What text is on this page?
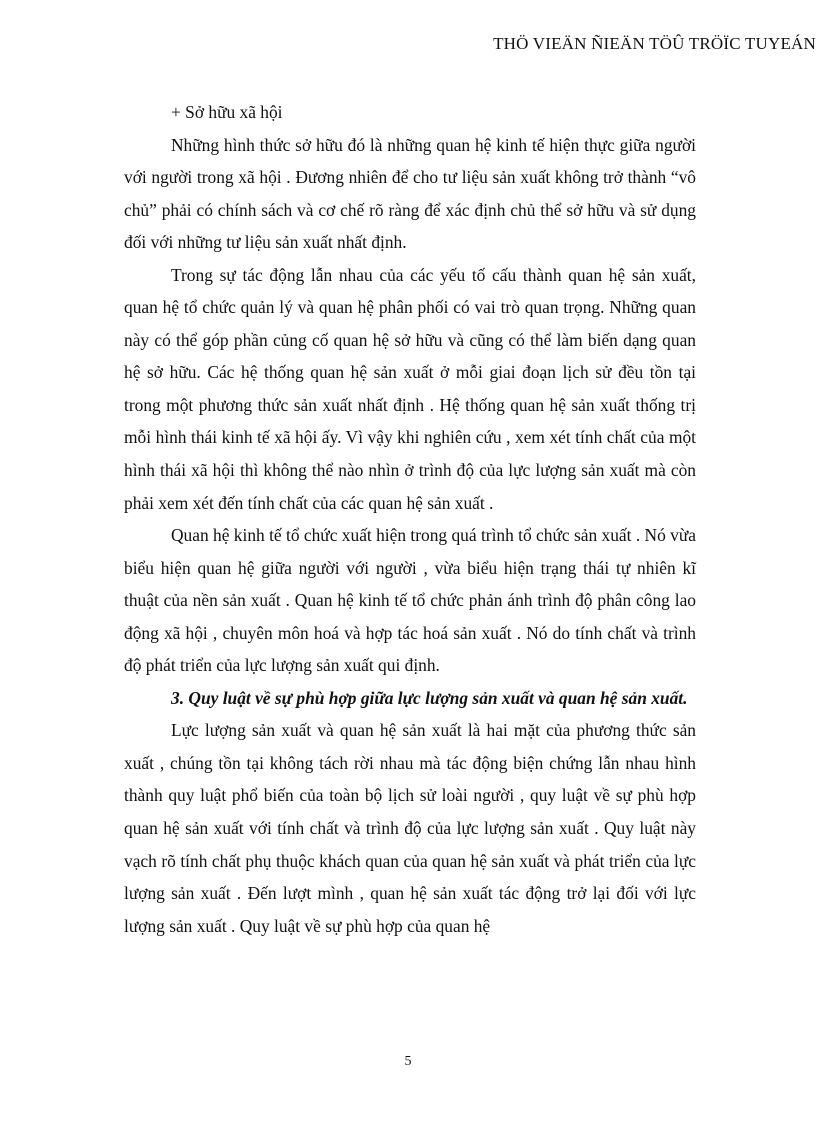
THÖ VIEÄN ÑIEÄN TÖÛ TRÖÏC TUYEÁN

+ Sở hữu xã hội

Những hình thức sở hữu đó là những quan hệ kinh tế hiện thực giữa người với người trong xã hội . Đương nhiên để cho tư liệu sản xuất không trở thành “vô chủ” phải có chính sách và cơ chế rõ ràng để xác định chủ thể sở hữu và sử dụng đối với những tư liệu sản xuất nhất định.

Trong sự tác động lẫn nhau của các yếu tố cấu thành quan hệ sản xuất, quan hệ tổ chức quản lý và quan hệ phân phối có vai trò quan trọng. Những quan này có thể góp phần củng cố quan hệ sở hữu và cũng có thể làm biến dạng quan hệ sở hữu. Các hệ thống quan hệ sản xuất ở mỗi giai đoạn lịch sử đều tồn tại trong một phương thức sản xuất nhất định . Hệ thống quan hệ sản xuất thống trị mỗi hình thái kinh tế xã hội ấy. Vì vậy khi nghiên cứu , xem xét tính chất của một hình thái xã hội thì không thể nào nhìn ở trình độ của lực lượng sản xuất mà còn phải xem xét đến tính chất của các quan hệ sản xuất .

Quan hệ kinh tế tổ chức xuất hiện trong quá trình tổ chức sản xuất . Nó vừa biểu hiện quan hệ giữa người với người , vừa biểu hiện trạng thái tự nhiên kĩ thuật của nền sản xuất . Quan hệ kinh tế tổ chức phản ánh trình độ phân công lao động xã hội , chuyên môn hoá và hợp tác hoá sản xuất . Nó do tính chất và trình độ phát triển của lực lượng sản xuất qui định.

3. Quy luật về sự phù hợp giữa lực lượng sản xuất và quan hệ sản xuất.

Lực lượng sản xuất và quan hệ sản xuất là hai mặt của phương thức sản xuất , chúng tồn tại không tách rời nhau mà tác động biện chứng lẫn nhau hình thành quy luật phổ biến của toàn bộ lịch sử loài người , quy luật về sự phù hợp quan hệ sản xuất với tính chất và trình độ của lực lượng sản xuất . Quy luật này vạch rõ tính chất phụ thuộc khách quan của quan hệ sản xuất và phát triển của lực lượng sản xuất . Đến lượt mình , quan hệ sản xuất tác động trở lại đối với lực lượng sản xuất . Quy luật về sự phù hợp của quan hệ

5
